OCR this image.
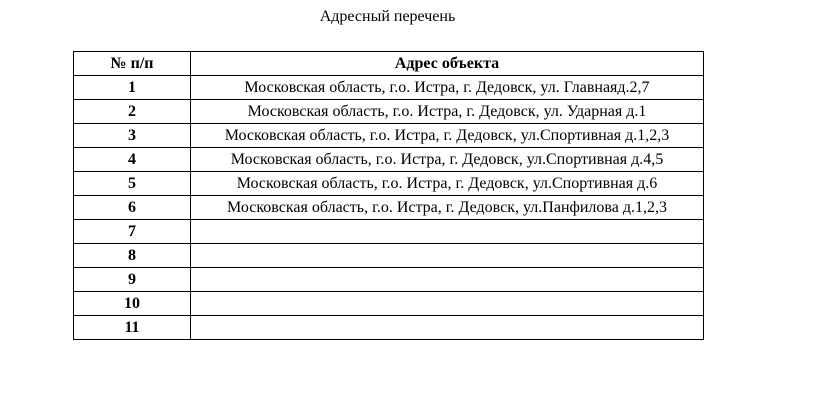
Адресный перечень
№ п/п	Адрес объекта
1	Московская область, г.о. Истра, г. Дедовск, ул. Главнаяд.2,7
2	Московская область, г.о. Истра, г. Дедовск, ул. Ударная д.1
3	Московская область, г.о. Истра, г. Дедовск, ул.Спортивная д.1,2,3
4	Московская область, г.о. Истра, г. Дедовск, ул.Спортивная д.4,5
5	Московская область, г.о. Истра, г. Дедовск, ул.Спортивная д.6
6	Московская область, г.о. Истра, г. Дедовск, ул.Панфилова д.1,2,3
7	
8	
9	
10	
11	
